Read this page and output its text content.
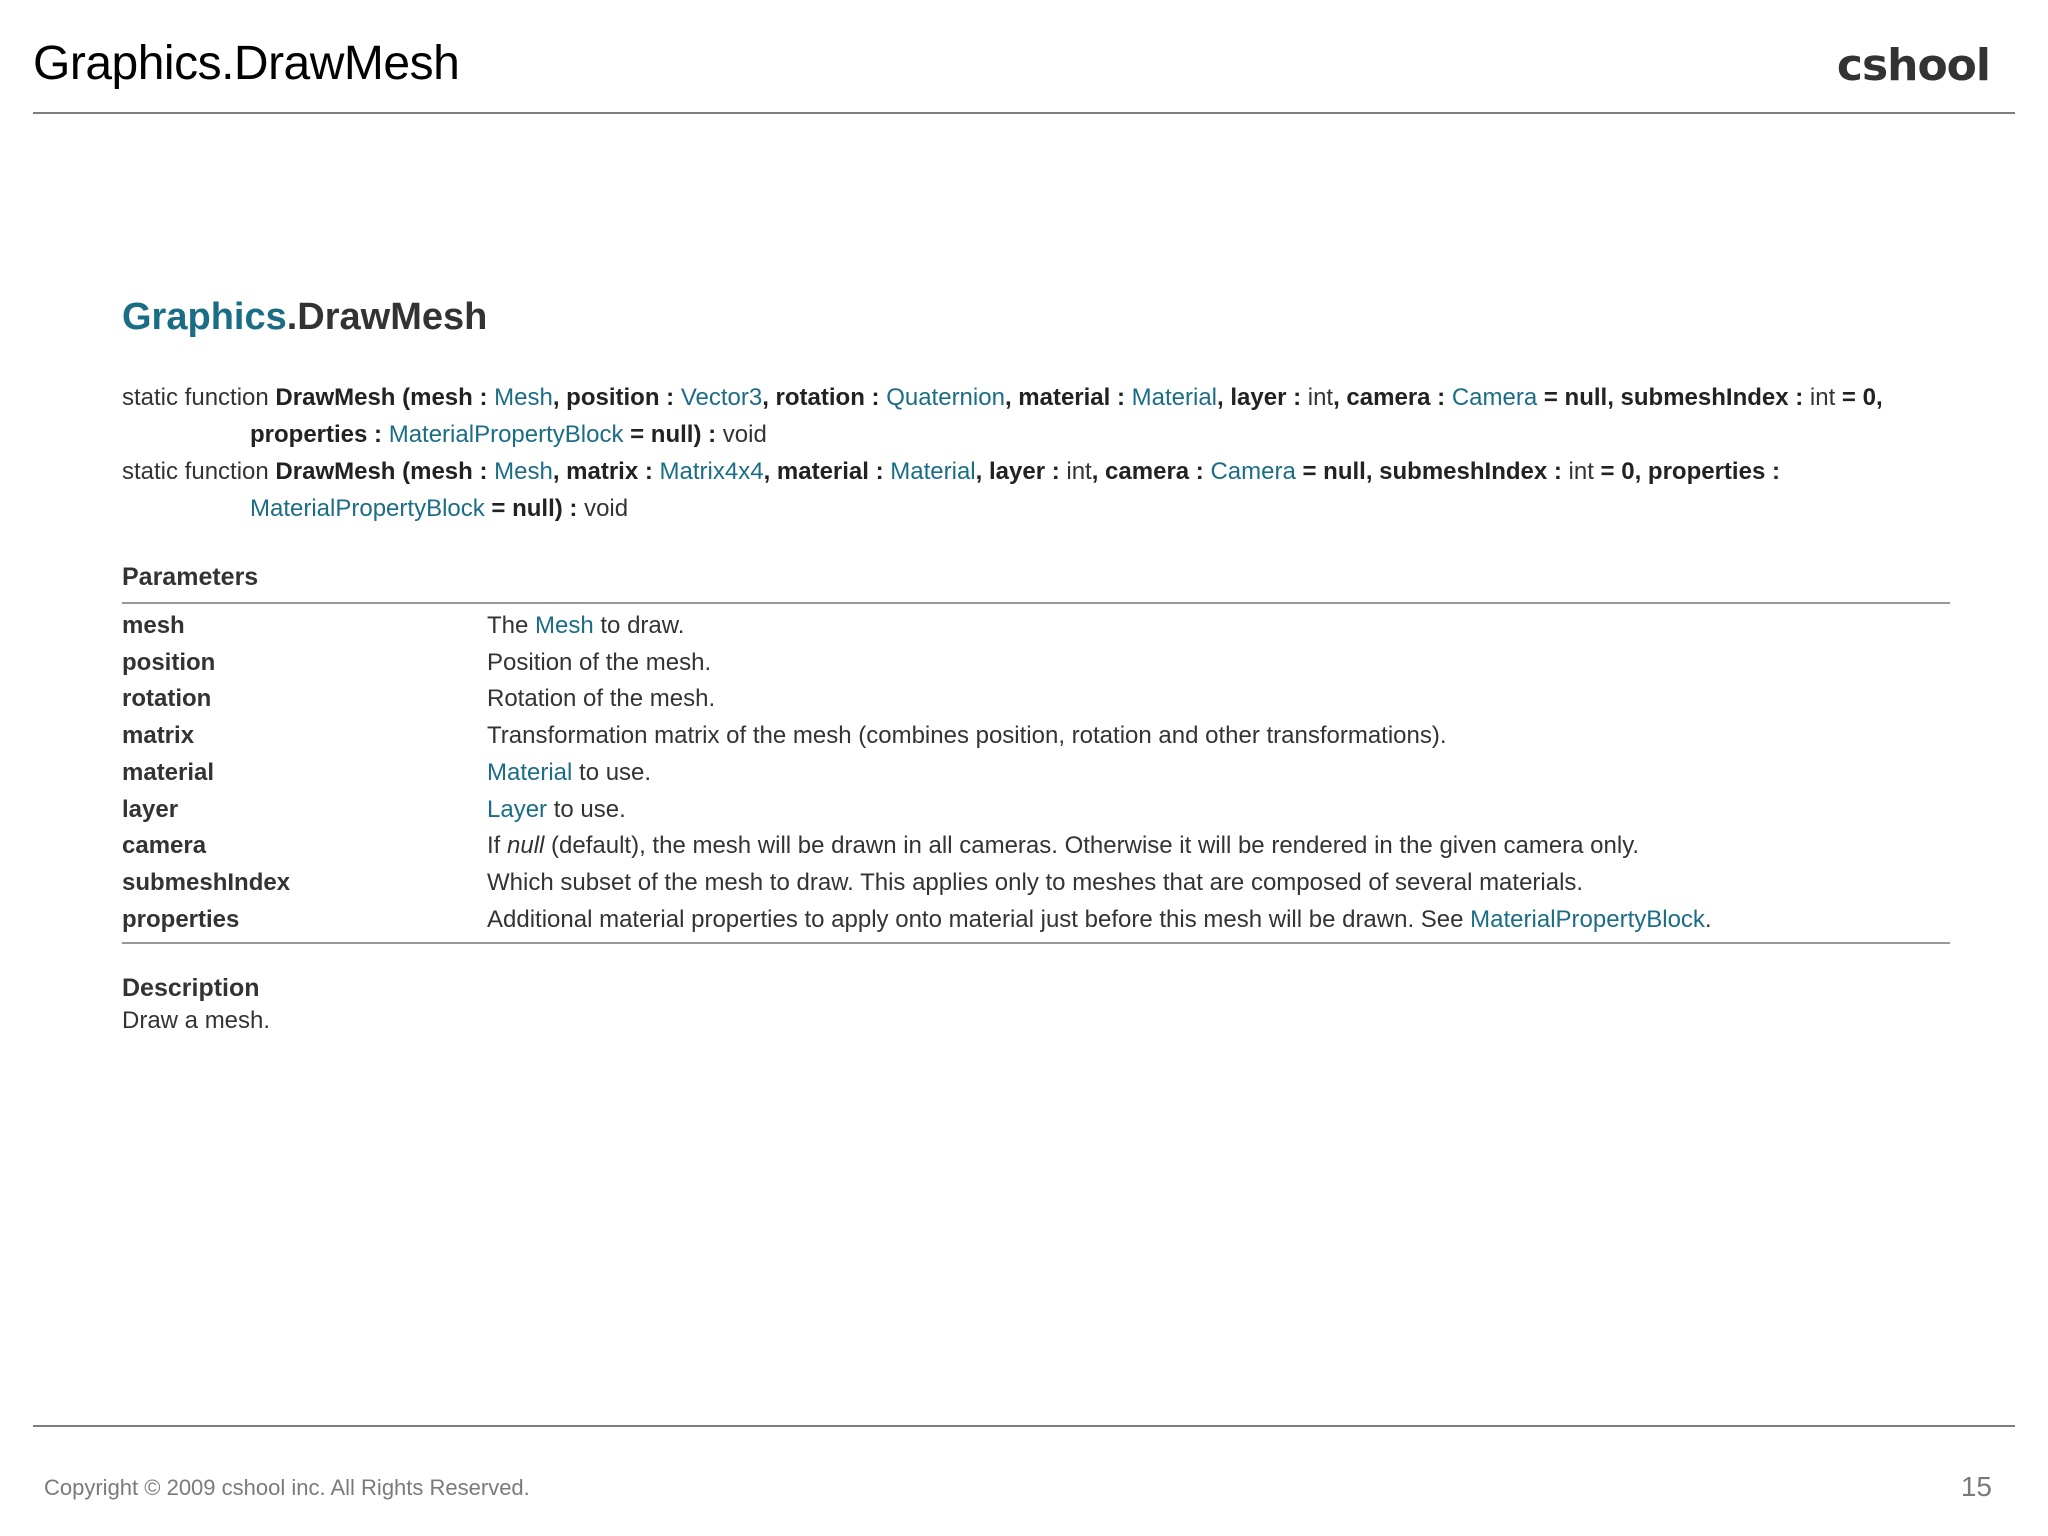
Graphics.DrawMesh	cshool
Graphics.DrawMesh

static function DrawMesh (mesh : Mesh, position : Vector3, rotation : Quaternion, material : Material, layer : int, camera : Camera = null, submeshIndex : int = 0, properties : MaterialPropertyBlock = null) : void

static function DrawMesh (mesh : Mesh, matrix : Matrix4x4, material : Material, layer : int, camera : Camera = null, submeshIndex : int = 0, properties : MaterialPropertyBlock = null) : void

Parameters
mesh	The Mesh to draw.
position	Position of the mesh.
rotation	Rotation of the mesh.
matrix	Transformation matrix of the mesh (combines position, rotation and other transformations).
material	Material to use.
layer	Layer to use.
camera	If null (default), the mesh will be drawn in all cameras. Otherwise it will be rendered in the given camera only.
submeshIndex	Which subset of the mesh to draw. This applies only to meshes that are composed of several materials.
properties	Additional material properties to apply onto material just before this mesh will be drawn. See MaterialPropertyBlock.
Description

Draw a mesh.

Copyright © 2009 cshool inc. All Rights Reserved.	15
